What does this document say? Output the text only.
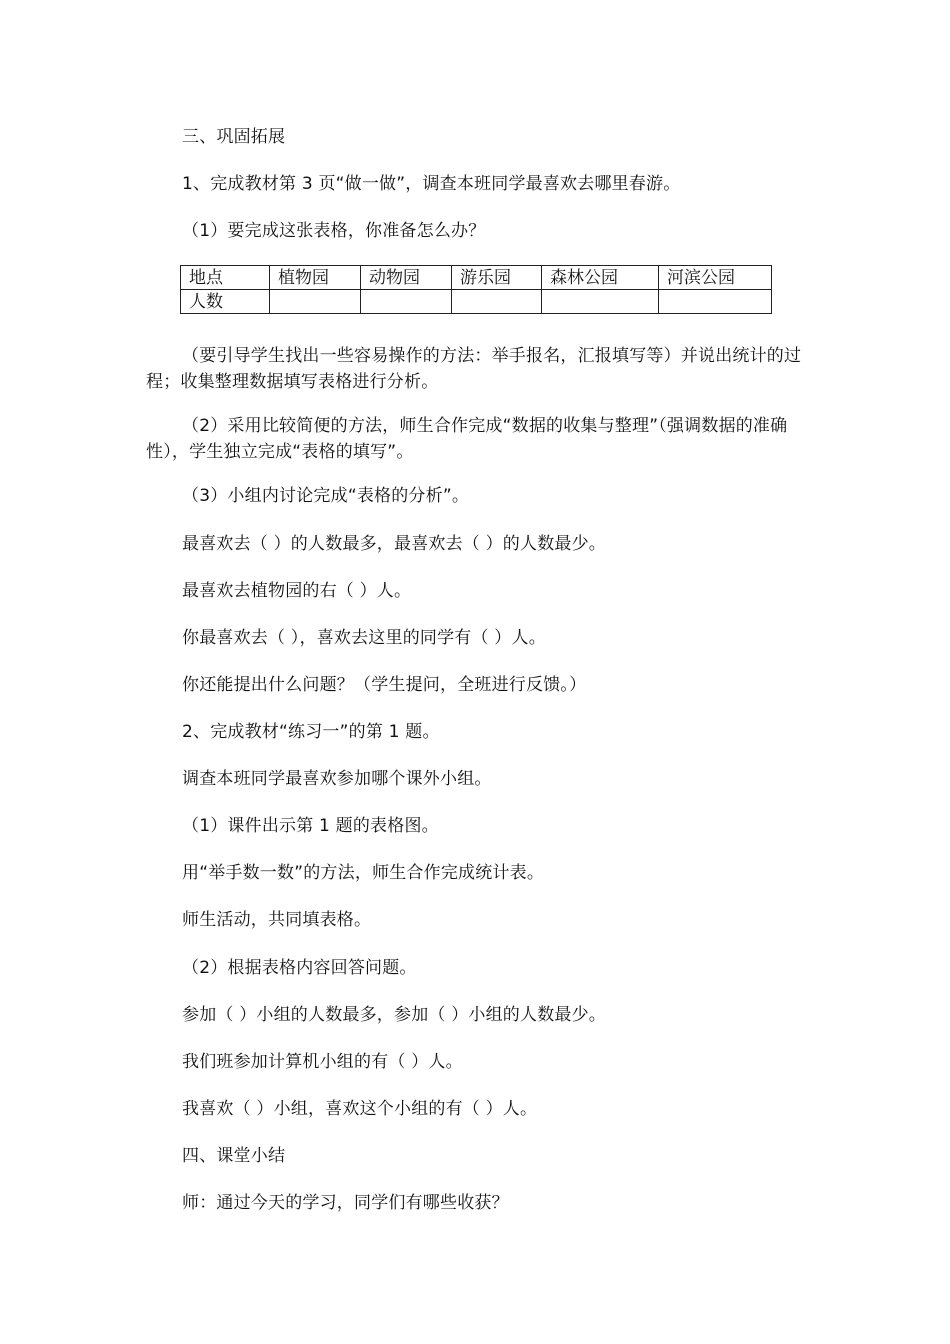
三、巩固拓展
1、完成教材第 3 页“做一做”，调查本班同学最喜欢去哪里春游。
（1）要完成这张表格，你准备怎么办？
地点	植物园	动物园	游乐园	森林公园	河滨公园
人数					
（要引导学生找出一些容易操作的方法：举手报名，汇报填写等）并说出统计的过程；收集整理数据填写表格进行分析。
（2）采用比较简便的方法，师生合作完成“数据的收集与整理”（强调数据的准确性），学生独立完成“表格的填写”。
（3）小组内讨论完成“表格的分析”。
最喜欢去（ ）的人数最多，最喜欢去（ ）的人数最少。
最喜欢去植物园的右（ ）人。
你最喜欢去（ ），喜欢去这里的同学有（ ）人。
你还能提出什么问题？（学生提问，全班进行反馈。）
2、完成教材“练习一”的第 1 题。
调查本班同学最喜欢参加哪个课外小组。
（1）课件出示第 1 题的表格图。
用“举手数一数”的方法，师生合作完成统计表。
师生活动，共同填表格。
（2）根据表格内容回答问题。
参加（ ）小组的人数最多，参加（ ）小组的人数最少。
我们班参加计算机小组的有（ ）人。
我喜欢（ ）小组，喜欢这个小组的有（ ）人。
四、课堂小结
师：通过今天的学习，同学们有哪些收获？
